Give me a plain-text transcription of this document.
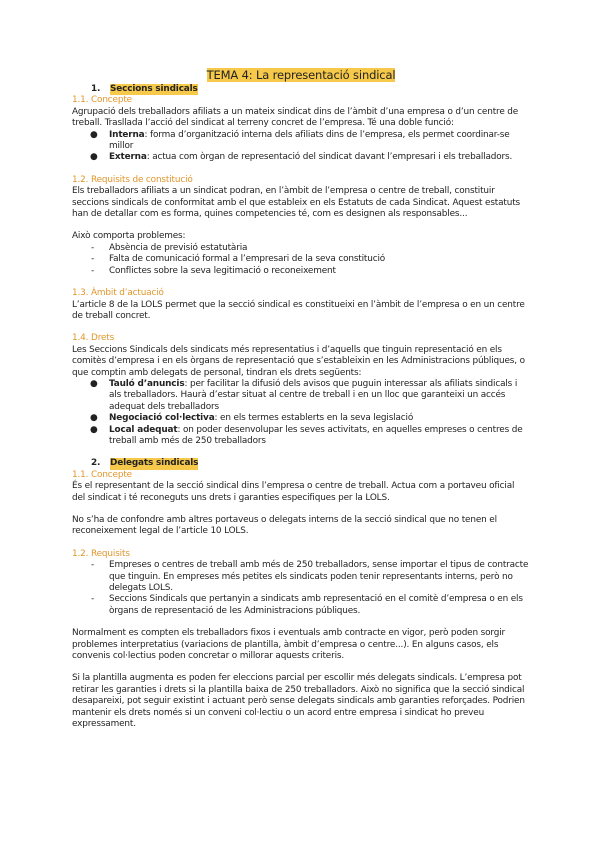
TEMA 4: La representació sindical

1.	Seccions sindicals

1.1. Concepte

Agrupació dels treballadors afiliats a un mateix sindicat dins de l’àmbit d’una empresa o d’un centre de treball. Trasllada l’acció del sindicat al terreny concret de l’empresa. Té una doble funció:

●	Interna: forma d’organització interna dels afiliats dins de l’empresa, els permet coordinar-se millor
●	Externa: actua com òrgan de representació del sindicat davant l’empresari i els treballadors.

1.2. Requisits de constitució

Els treballadors afiliats a un sindicat podran, en l’àmbit de l’empresa o centre de treball, constituir seccions sindicals de conformitat amb el que estableix en els Estatuts de cada Sindicat. Aquest estatuts han de detallar com es forma, quines competencies té, com es designen als responsables...

Això comporta problemes:

-	Absència de previsió estatutària
-	Falta de comunicació formal a l’empresari de la seva constitució
-	Conflictes sobre la seva legitimació o reconeixement

1.3. Àmbit d’actuació

L’article 8 de la LOLS permet que la secció sindical es constitueixi en l’àmbit de l’empresa o en un centre de treball concret.

1.4. Drets

Les Seccions Sindicals dels sindicats més representatius i d’aquells que tinguin representació en els comitès d’empresa i en els òrgans de representació que s’estableixin en les Administracions públiques, o que comptin amb delegats de personal, tindran els drets següents:

●	Tauló d’anuncis: per facilitar la difusió dels avisos que puguin interessar als afiliats sindicals i als treballadors. Haurà d’estar situat al centre de treball i en un lloc que garanteixi un accés adequat dels treballadors
●	Negociació col·lectiva: en els termes establerts en la seva legislació
●	Local adequat: on poder desenvolupar les seves activitats, en aquelles empreses o centres de treball amb més de 250 treballadors

2.	Delegats sindicals

1.1. Concepte

És el representant de la secció sindical dins l’empresa o centre de treball. Actua com a portaveu oficial del sindicat i té reconeguts uns drets i garanties especifiques per la LOLS.

No s’ha de confondre amb altres portaveus o delegats interns de la secció sindical que no tenen el reconeixement legal de l’article 10 LOLS.

1.2. Requisits

-	Empreses o centres de treball amb més de 250 treballadors, sense importar el tipus de contracte que tinguin. En empreses més petites els sindicats poden tenir representants interns, però no delegats LOLS.
-	Seccions Sindicals que pertanyin a sindicats amb representació en el comitè d’empresa o en els òrgans de representació de les Administracions públiques.

Normalment es compten els treballadors fixos i eventuals amb contracte en vigor, però poden sorgir problemes interpretatius (variacions de plantilla, àmbit d’empresa o centre...). En alguns casos, els convenis col·lectius poden concretar o millorar aquests criteris.

Si la plantilla augmenta es poden fer eleccions parcial per escollir més delegats sindicals. L’empresa pot retirar les garanties i drets si la plantilla baixa de 250 treballadors. Això no significa que la secció sindical desapareixi, pot seguir existint i actuant però sense delegats sindicals amb garanties reforçades. Podrien mantenir els drets només si un conveni col·lectiu o un acord entre empresa i sindicat ho preveu expressament.
